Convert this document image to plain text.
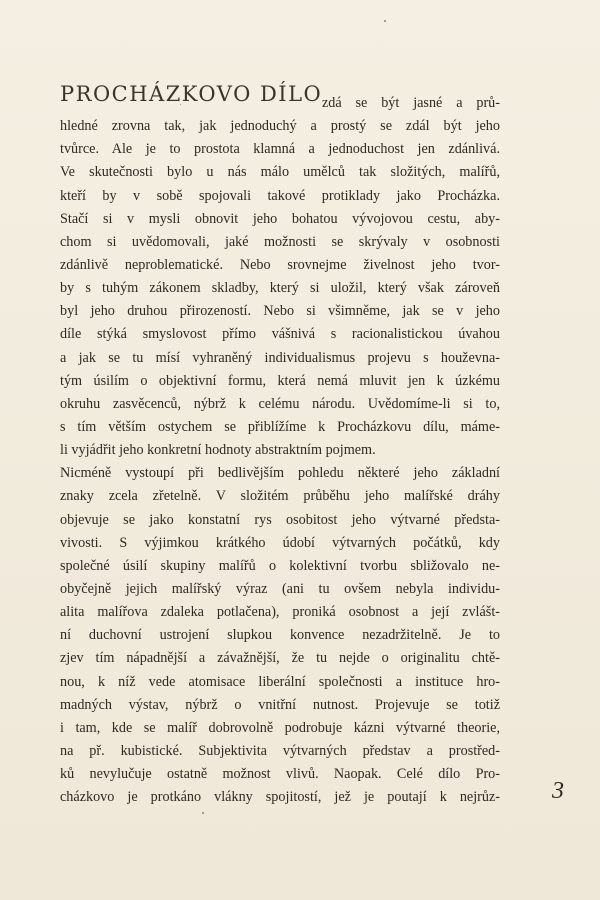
PROCHÁZKOVO DÍLO zdá se být jasné a prů-
hledné zrovna tak, jak jednoduchý a prostý se zdál být jeho
tvůrce. Ale je to prostota klamná a jednoduchost jen zdánlivá.
Ve skutečnosti bylo u nás málo umělců tak složitých, malířů,
kteří by v sobě spojovali takové protiklady jako Procházka.
Stačí si v mysli obnovit jeho bohatou vývojovou cestu, aby-
chom si uvědomovali, jaké možnosti se skrývaly v osobnosti
zdánlivě neproblematické. Nebo srovnejme živelnost jeho tvor-
by s tuhým zákonem skladby, který si uložil, který však zároveň
byl jeho druhou přirozeností. Nebo si všimněme, jak se v jeho
díle stýká smyslovost přímo vášnivá s racionalistickou úvahou
a jak se tu mísí vyhraněný individualismus projevu s houževna-
tým úsilím o objektivní formu, která nemá mluvit jen k úzkému
okruhu zasvěcenců, nýbrž k celému národu. Uvědomíme-li si to,
s tím větším ostychem se přiblížíme k Procházkovu dílu, máme-
li vyjádřit jeho konkretní hodnoty abstraktním pojmem.
Nicméně vystoupí při bedlivějším pohledu některé jeho základní
znaky zcela zřetelně. V složitém průběhu jeho malířské dráhy
objevuje se jako konstatní rys osobitost jeho výtvarné předsta-
vivosti. S výjimkou krátkého údobí výtvarných počátků, kdy
společné úsilí skupiny malířů o kolektivní tvorbu sbližovalo ne-
obyčejně jejich malířský výraz (ani tu ovšem nebyla individu-
alita malířova zdaleka potlačena), proniká osobnost a její zvlášt-
ní duchovní ustrojení slupkou konvence nezadržitelně. Je to
zjev tím nápadnější a závažnější, že tu nejde o originalitu chtě-
nou, k níž vede atomisace liberální společnosti a instituce hro-
madných výstav, nýbrž o vnitřní nutnost. Projevuje se totiž
i tam, kde se malíř dobrovolně podrobuje kázni výtvarné theorie,
na př. kubistické. Subjektivita výtvarných představ a prostřed-
ků nevylučuje ostatně možnost vlivů. Naopak. Celé dílo Pro-
cházkovo je protkáno vlákny spojitostí, jež je poutají k nejrůz- 3
